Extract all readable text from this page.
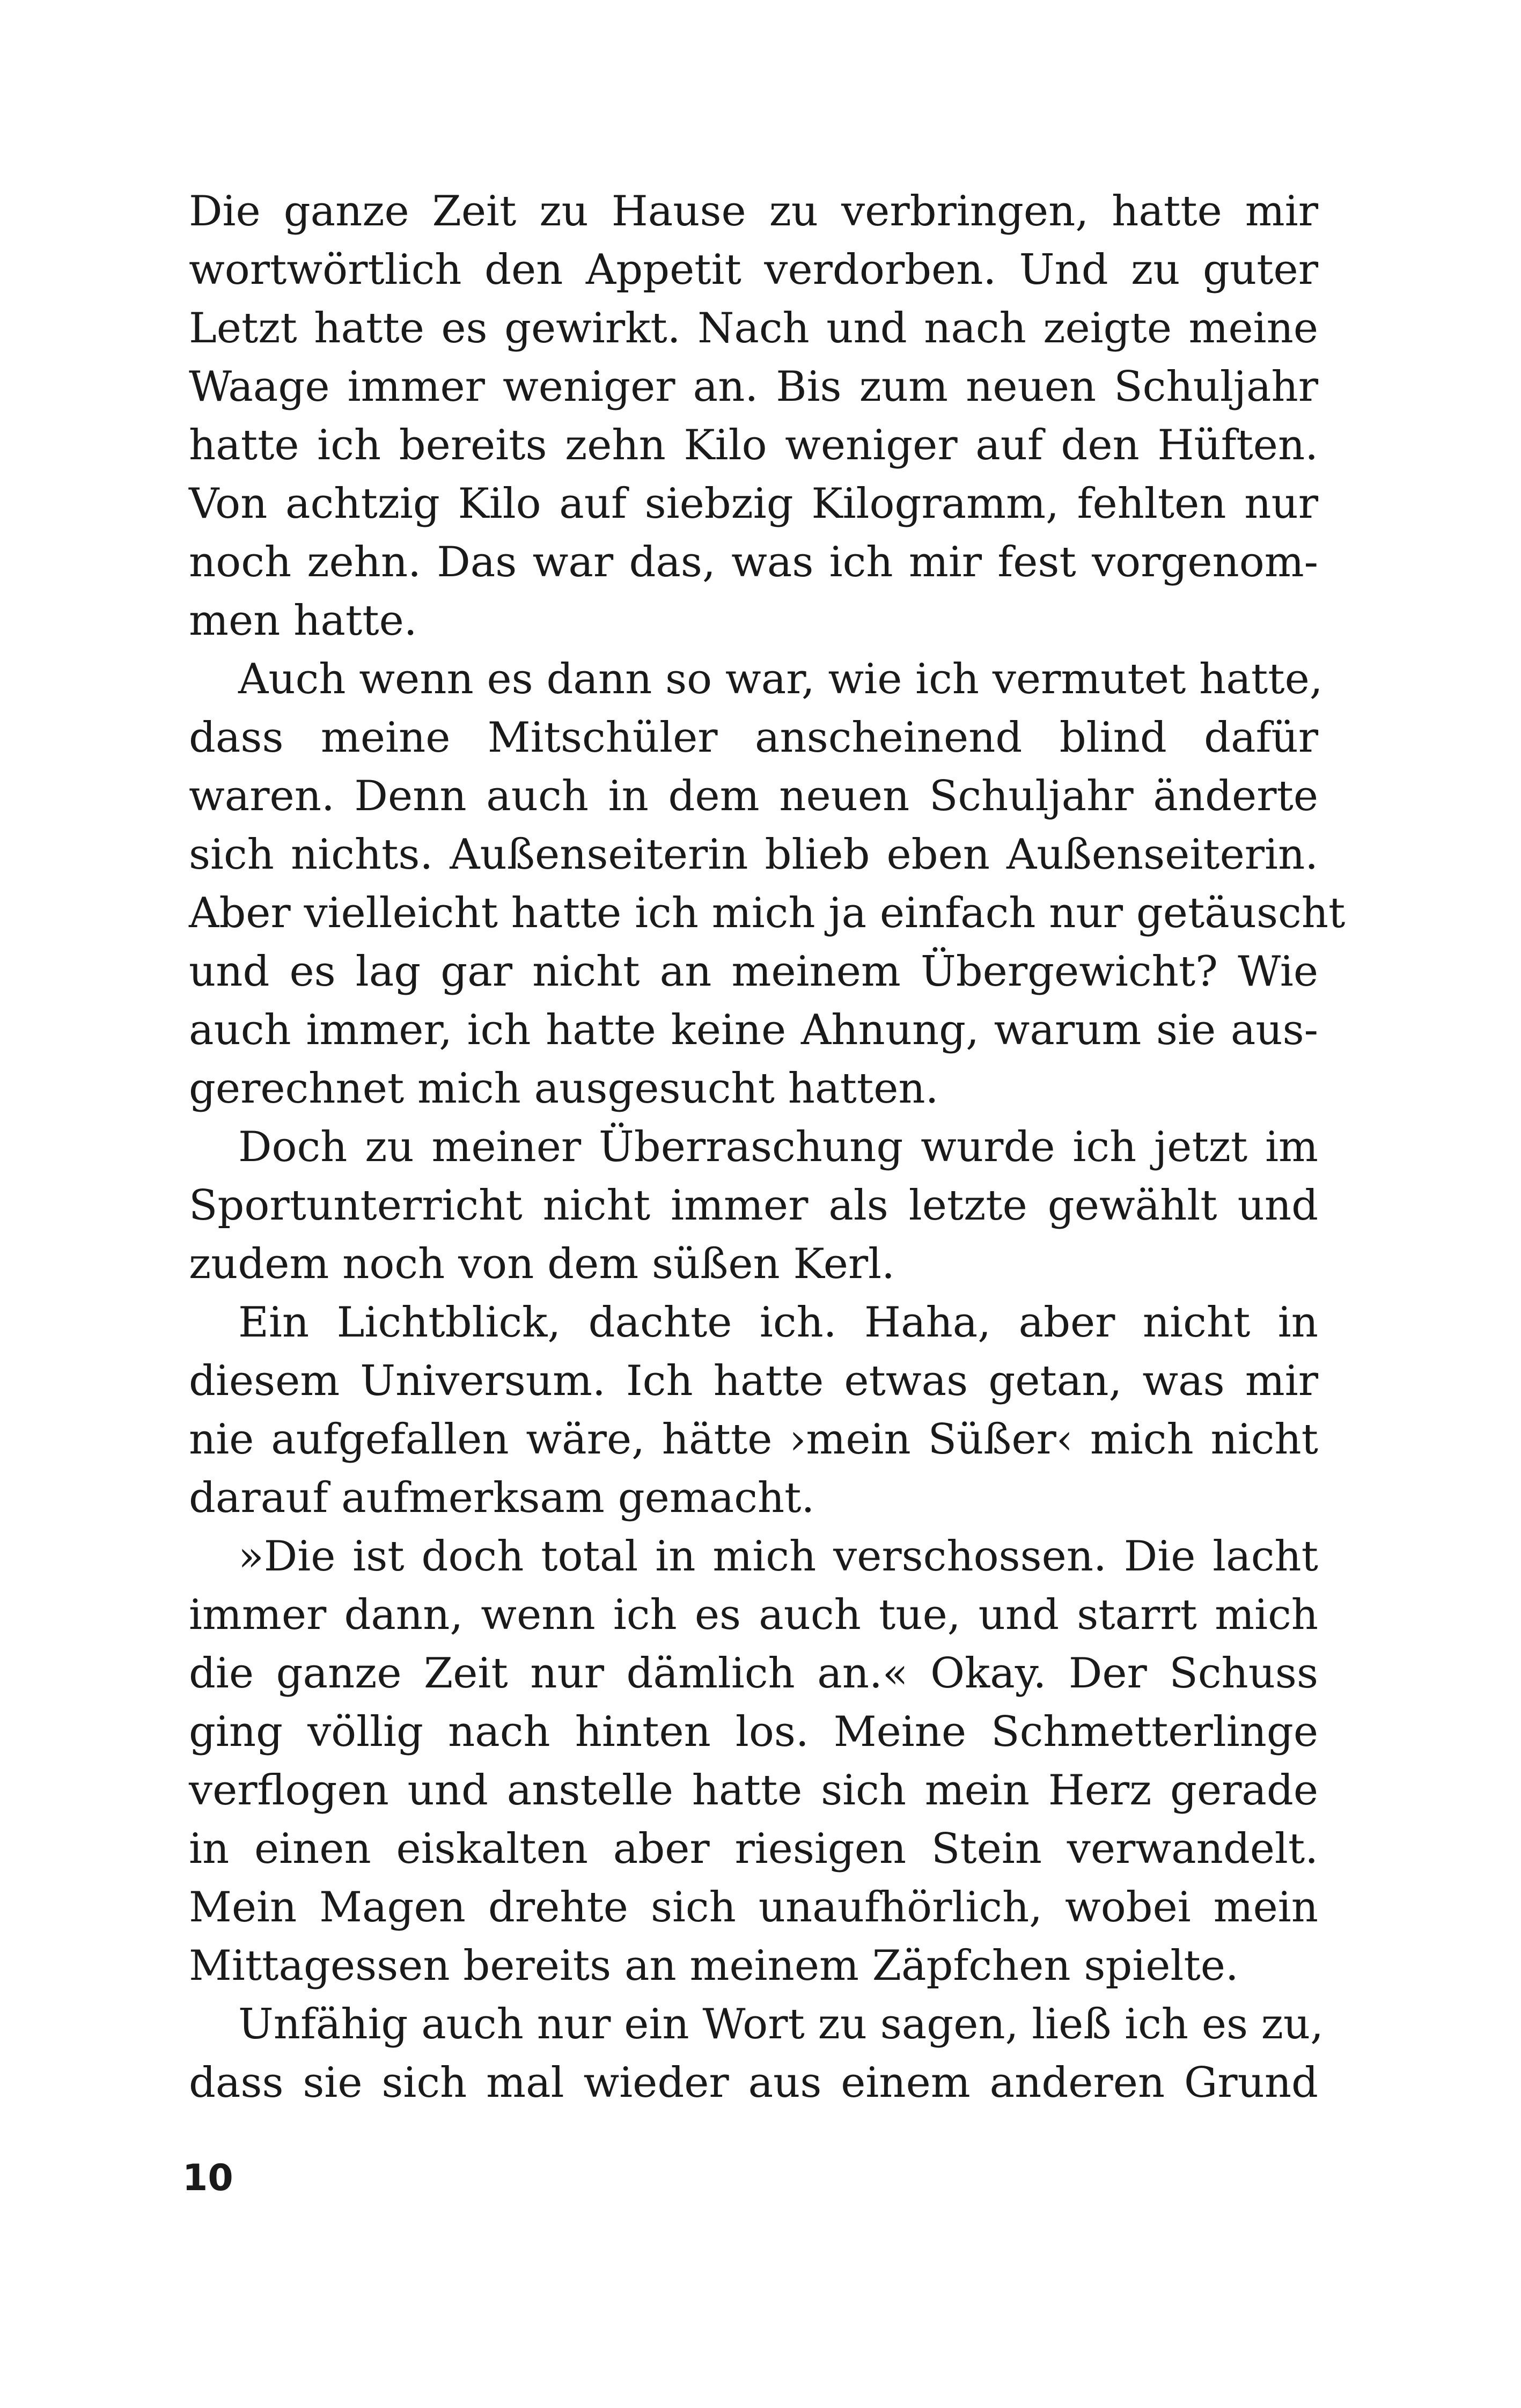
Die ganze Zeit zu Hause zu verbringen, hatte mir
wortwörtlich den Appetit verdorben. Und zu guter
Letzt hatte es gewirkt. Nach und nach zeigte meine
Waage immer weniger an. Bis zum neuen Schuljahr
hatte ich bereits zehn Kilo weniger auf den Hüften.
Von achtzig Kilo auf siebzig Kilogramm, fehlten nur
noch zehn. Das war das, was ich mir fest vorgenom-
men hatte.
Auch wenn es dann so war, wie ich vermutet hatte,
dass meine Mitschüler anscheinend blind dafür
waren. Denn auch in dem neuen Schuljahr änderte
sich nichts. Außenseiterin blieb eben Außenseiterin.
Aber vielleicht hatte ich mich ja einfach nur getäuscht
und es lag gar nicht an meinem Übergewicht? Wie
auch immer, ich hatte keine Ahnung, warum sie aus-
gerechnet mich ausgesucht hatten.
Doch zu meiner Überraschung wurde ich jetzt im
Sportunterricht nicht immer als letzte gewählt und
zudem noch von dem süßen Kerl.
Ein Lichtblick, dachte ich. Haha, aber nicht in
diesem Universum. Ich hatte etwas getan, was mir
nie aufgefallen wäre, hätte ›mein Süßer‹ mich nicht
darauf aufmerksam gemacht.
»Die ist doch total in mich verschossen. Die lacht
immer dann, wenn ich es auch tue, und starrt mich
die ganze Zeit nur dämlich an.« Okay. Der Schuss
ging völlig nach hinten los. Meine Schmetterlinge
verflogen und anstelle hatte sich mein Herz gerade
in einen eiskalten aber riesigen Stein verwandelt.
Mein Magen drehte sich unaufhörlich, wobei mein
Mittagessen bereits an meinem Zäpfchen spielte.
Unfähig auch nur ein Wort zu sagen, ließ ich es zu,
dass sie sich mal wieder aus einem anderen Grund
10
